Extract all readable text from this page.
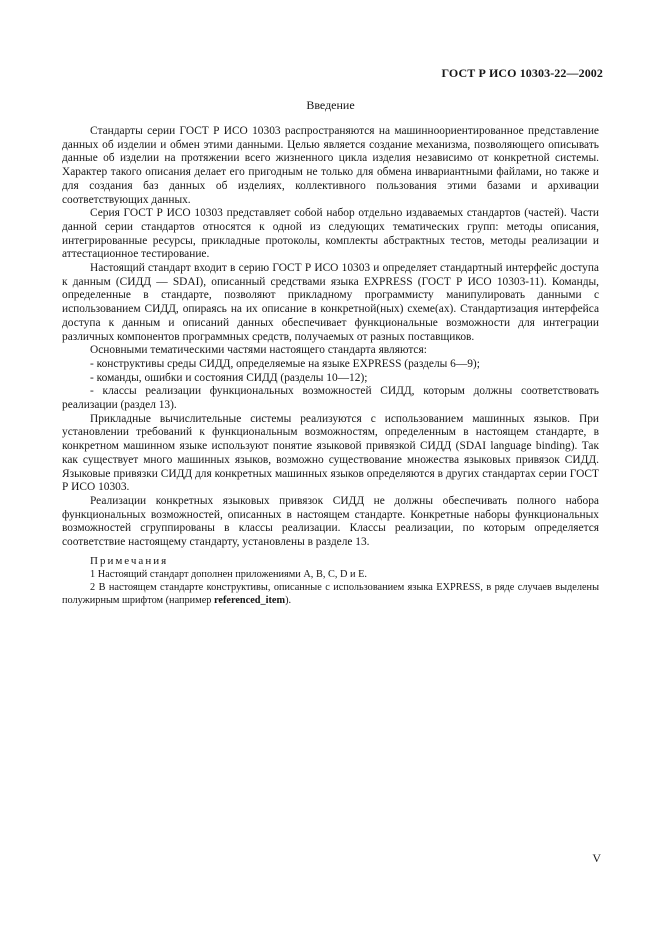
ГОСТ Р ИСО 10303-22—2002
Введение

Стандарты серии ГОСТ Р ИСО 10303 распространяются на машинноориентированное представление данных об изделии и обмен этими данными. Целью является создание механизма, позволяющего описывать данные об изделии на протяжении всего жизненного цикла изделия независимо от конкретной системы. Характер такого описания делает его пригодным не только для обмена инвариантными файлами, но также и для создания баз данных об изделиях, коллективного пользования этими базами и архивации соответствующих данных.

Серия ГОСТ Р ИСО 10303 представляет собой набор отдельно издаваемых стандартов (частей). Части данной серии стандартов относятся к одной из следующих тематических групп: методы описания, интегрированные ресурсы, прикладные протоколы, комплекты абстрактных тестов, методы реализации и аттестационное тестирование.

Настоящий стандарт входит в серию ГОСТ Р ИСО 10303 и определяет стандартный интерфейс доступа к данным (СИДД — SDAI), описанный средствами языка EXPRESS (ГОСТ Р ИСО 10303-11). Команды, определенные в стандарте, позволяют прикладному программисту манипулировать данными с использованием СИДД, опираясь на их описание в конкретной(ных) схеме(ах). Стандартизация интерфейса доступа к данным и описаний данных обеспечивает функциональные возможности для интеграции различных компонентов программных средств, получаемых от разных поставщиков.

Основными тематическими частями настоящего стандарта являются:

- конструктивы среды СИДД, определяемые на языке EXPRESS (разделы 6—9);

- команды, ошибки и состояния СИДД (разделы 10—12);

- классы реализации функциональных возможностей СИДД, которым должны соответствовать реализации (раздел 13).

Прикладные вычислительные системы реализуются с использованием машинных языков. При установлении требований к функциональным возможностям, определенным в настоящем стандарте, в конкретном машинном языке используют понятие языковой привязкой СИДД (SDAI language binding). Так как существует много машинных языков, возможно существование множества языковых привязок СИДД. Языковые привязки СИДД для конкретных машинных языков определяются в других стандартах серии ГОСТ Р ИСО 10303.

Реализации конкретных языковых привязок СИДД не должны обеспечивать полного набора функциональных возможностей, описанных в настоящем стандарте. Конкретные наборы функциональных возможностей сгруппированы в классы реализации. Классы реализации, по которым определяется соответствие настоящему стандарту, установлены в разделе 13.

Примечания

1 Настоящий стандарт дополнен приложениями A, B, C, D и E.

2 В настоящем стандарте конструктивы, описанные с использованием языка EXPRESS, в ряде случаев выделены полужирным шрифтом (например referenced_item).

V
